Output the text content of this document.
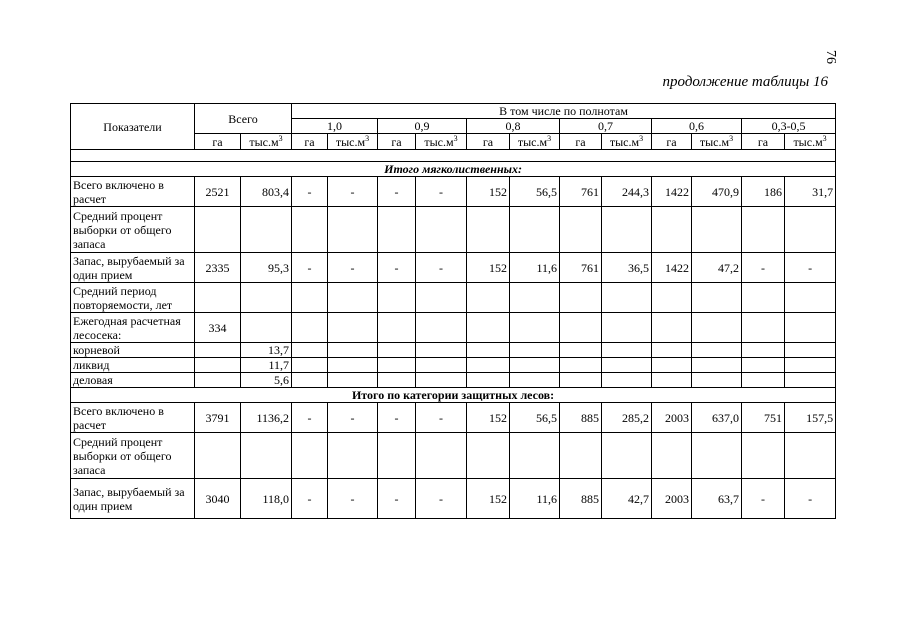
76
продолжение таблицы 16
Показатели	Всего		В том числе по полнотам											
			1,0		0,9		0,8		0,7		0,6		0,3-0,5	
	га	$тыс.м^3$	га	$тыс.м^3$	га	$тыс.м^3$	га	$тыс.м^3$	га	$тыс.м^3$	га	$тыс.м^3$	га	$тыс.м^3$

Итого мягколиственных:														
Всего включено в расчет	2521	803,4	-	-	-	-	152	56,5	761	244,3	1422	470,9	186	31,7
Средний процент выборки от общего запаса														
Запас, вырубаемый за один прием	2335	95,3	-	-	-	-	152	11,6	761	36,5	1422	47,2	-	-
Средний период повторяемости, лет														
Ежегодная расчетная лесосека:	334													
корневой		13,7												
ликвид		11,7												
деловая		5,6												
Итого по категории защитных лесов:														
Всего включено в расчет	3791	1136,2	-	-	-	-	152	56,5	885	285,2	2003	637,0	751	157,5
Средний процент выборки от общего запаса														
Запас, вырубаемый за один прием	3040	118,0	-	-	-	-	152	11,6	885	42,7	2003	63,7	-	-
